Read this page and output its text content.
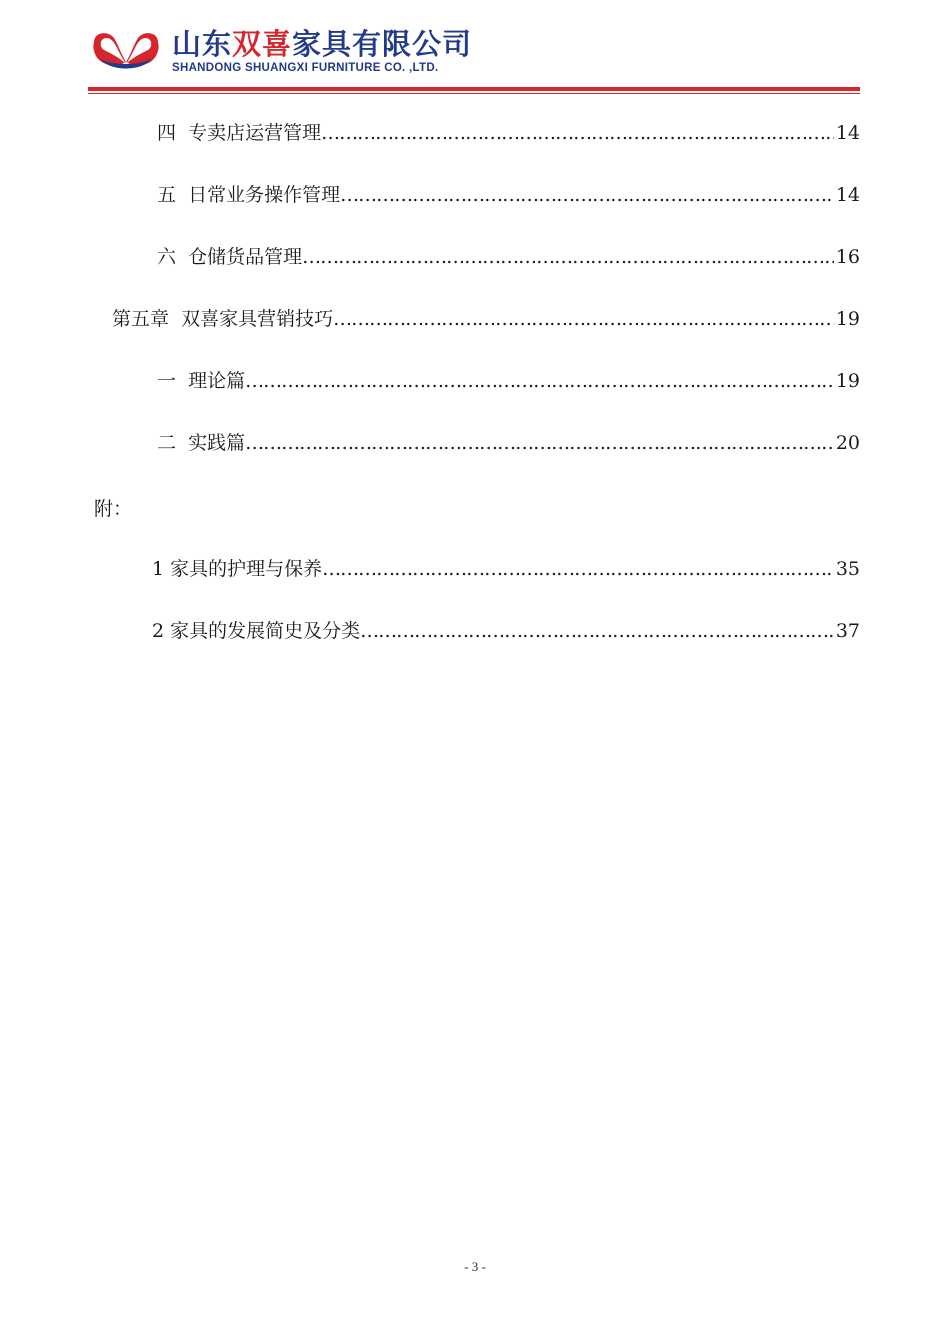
山东双喜家具有限公司
SHANDONG SHUANGXI FURNITURE CO. ,LTD.
四  专卖店运营管理 …………………………………………………………………………………………………………………………………………………………………………	14
五  日常业务操作管理 …………………………………………………………………………………………………………………………………………………………………………	14
六  仓储货品管理 …………………………………………………………………………………………………………………………………………………………………………	16
第五章  双喜家具营销技巧 …………………………………………………………………………………………………………………………………………………………………………	19
一  理论篇 …………………………………………………………………………………………………………………………………………………………………………	19
二  实践篇 …………………………………………………………………………………………………………………………………………………………………………	20
附：
1 家具的护理与保养 …………………………………………………………………………………………………………………………………………………………………………	35
2 家具的发展简史及分类 …………………………………………………………………………………………………………………………………………………………………………	37
- 3 -
